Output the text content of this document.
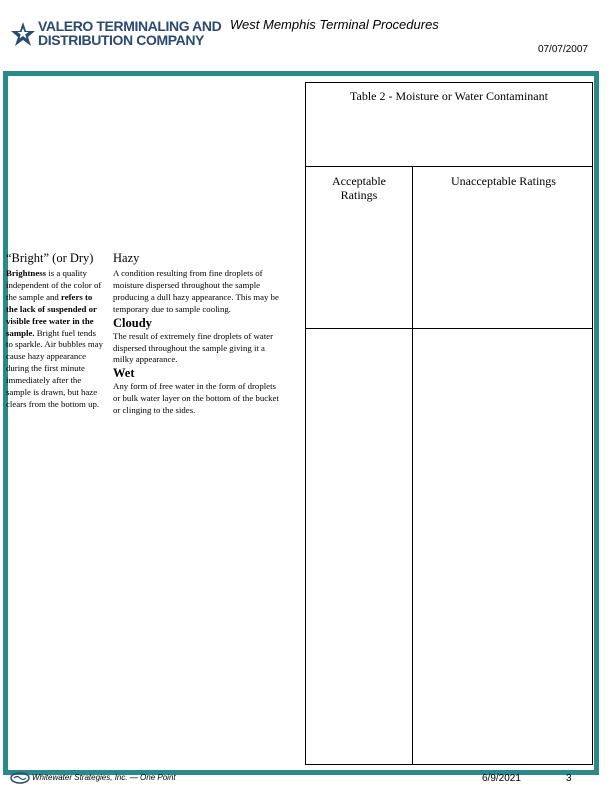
VALERO TERMINALING AND
DISTRIBUTION COMPANY
West Memphis Terminal Procedures
07/07/2007
Table 2 - Moisture or Water Contaminant
Acceptable
Ratings
Unacceptable Ratings
“Bright” (or Dry)
Brightness is a quality independent of the color of the sample and refers to the lack of suspended or visible free water in the sample. Bright fuel tends to sparkle. Air bubbles may cause hazy appearance during the first minute immediately after the sample is drawn, but haze clears from the bottom up.
Hazy
A condition resulting from fine droplets of moisture dispersed throughout the sample producing a dull hazy appearance. This may be temporary due to sample cooling.
Cloudy
The result of extremely fine droplets of water dispersed throughout the sample giving it a milky appearance.
Wet
Any form of free water in the form of droplets or bulk water layer on the bottom of the bucket or clinging to the sides.
Whitewater Strategies, Inc. — One Point	6/9/2021	3
